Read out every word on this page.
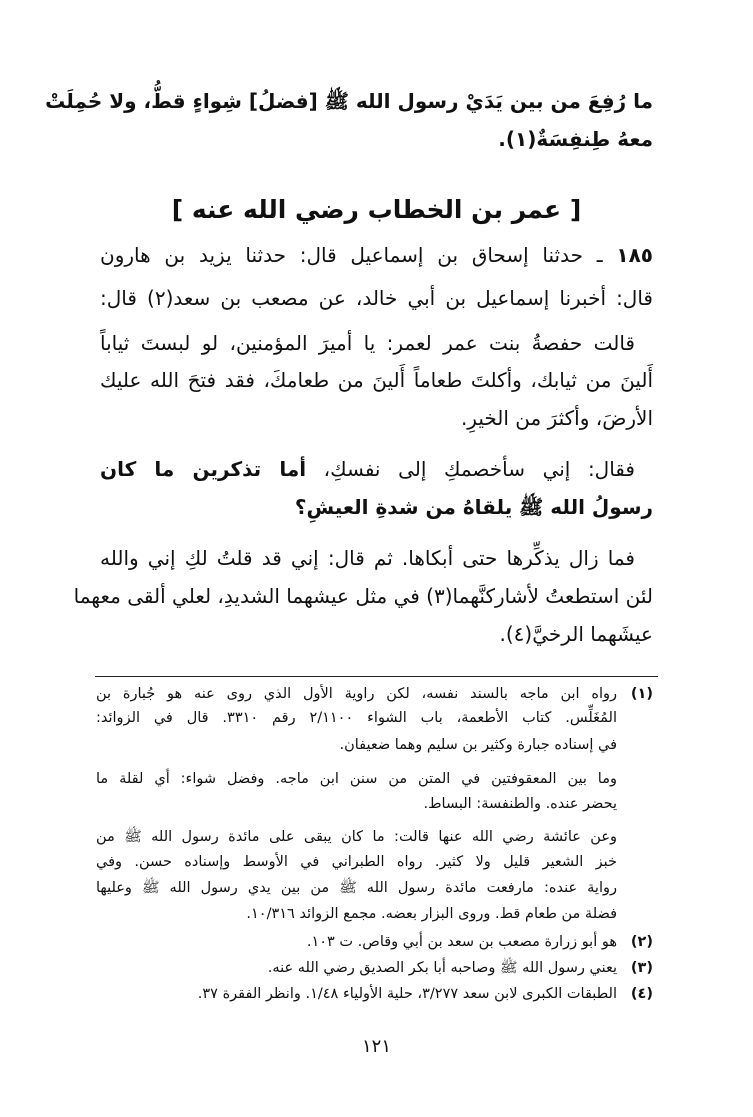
ما رُفِعَ من بين يَدَيْ رسول الله ﷺ [فضلُ] شِواءٍ قطُّ، ولا حُمِلَتْ
معهُ طِنفِسَةٌ(١).
[ عمر بن الخطاب رضي الله عنه ]
١٨٥ ـ حدثنا إسحاق بن إسماعيل قال: حدثنا يزيد بن هارون
قال: أخبرنا إسماعيل بن أبي خالد، عن مصعب بن سعد(٢) قال:
قالت حفصةُ بنت عمر لعمر: يا أميرَ المؤمنين، لو لبستَ ثياباً
أَلينَ من ثيابك، وأكلتَ طعاماً أَلينَ من طعامكَ، فقد فتحَ الله عليك
الأرضَ، وأكثرَ من الخيرِ.
فقال: إني سأخصمكِ إلى نفسكِ، أما تذكرين ما كان
رسولُ الله ﷺ يلقاهُ من شدةِ العيشِ؟
فما زال يذكِّرها حتى أبكاها. ثم قال: إني قد قلتُ لكِ إني والله
لئن استطعتُ لأشاركنَّهما(٣) في مثل عيشهما الشديدِ، لعلي ألقى معهما
عيشَهما الرخيَّ(٤).
(١)
رواه ابن ماجه بالسند نفسه، لكن راوية الأول الذي روى عنه هو جُبارة بن
المُغَلِّس. كتاب الأطعمة، باب الشواء ٢/١١٠٠ رقم ٣٣١٠. قال في الزوائد:
في إسناده جبارة وكثير بن سليم وهما ضعيفان.
وما بين المعقوفتين في المتن من سنن ابن ماجه. وفضل شواء: أي لقلة ما
يحضر عنده. والطنفسة: البساط.
وعن عائشة رضي الله عنها قالت: ما كان يبقى على مائدة رسول الله ﷺ من
خبز الشعير قليل ولا كثير. رواه الطبراني في الأوسط وإسناده حسن. وفي
رواية عنده: مارفعت مائدة رسول الله ﷺ من بين يدي رسول الله ﷺ وعليها
فضلة من طعام قط. وروى البزار بعضه. مجمع الزوائد ١٠/٣١٦.
(٢)
هو أبو زرارة مصعب بن سعد بن أبي وقاص. ت ١٠٣.
(٣)
يعني رسول الله ﷺ وصاحبه أبا بكر الصديق رضي الله عنه.
(٤)
الطبقات الكبرى لابن سعد ٣/٢٧٧، حلية الأولياء ١/٤٨. وانظر الفقرة ٣٧.
١٢١
